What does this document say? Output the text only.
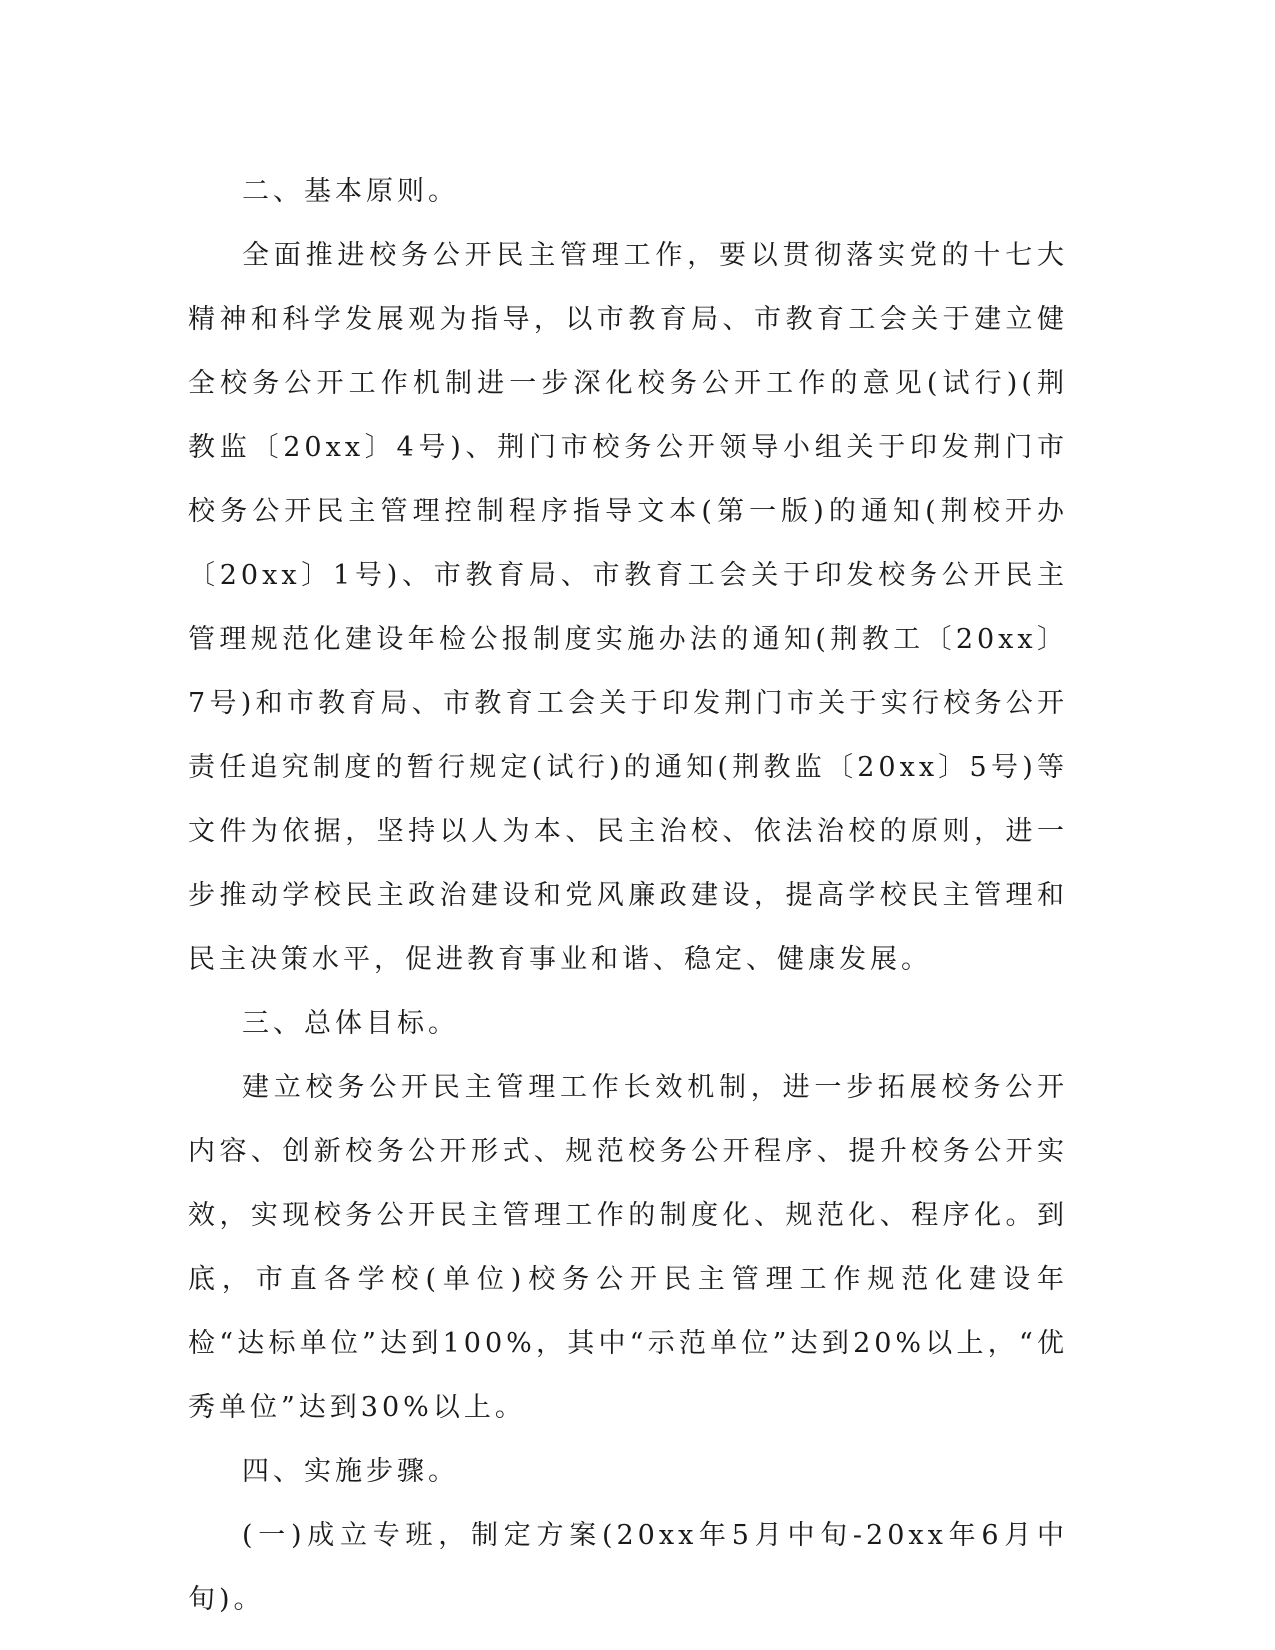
二、基本原则。

全面推进校务公开民主管理工作，要以贯彻落实党的十七大精神和科学发展观为指导，以市教育局、市教育工会关于建立健全校务公开工作机制进一步深化校务公开工作的意见(试行)(荆教监〔20xx〕4号)、荆门市校务公开领导小组关于印发荆门市校务公开民主管理控制程序指导文本(第一版)的通知(荆校开办〔20xx〕1号)、市教育局、市教育工会关于印发校务公开民主管理规范化建设年检公报制度实施办法的通知(荆教工〔20xx〕7号)和市教育局、市教育工会关于印发荆门市关于实行校务公开责任追究制度的暂行规定(试行)的通知(荆教监〔20xx〕5号)等文件为依据，坚持以人为本、民主治校、依法治校的原则，进一步推动学校民主政治建设和党风廉政建设，提高学校民主管理和民主决策水平，促进教育事业和谐、稳定、健康发展。

三、总体目标。

建立校务公开民主管理工作长效机制，进一步拓展校务公开内容、创新校务公开形式、规范校务公开程序、提升校务公开实效，实现校务公开民主管理工作的制度化、规范化、程序化。到底，市直各学校(单位)校务公开民主管理工作规范化建设年检“达标单位”达到100%，其中“示范单位”达到20%以上，“优秀单位”达到30%以上。

四、实施步骤。

(一)成立专班，制定方案(20xx年5月中旬-20xx年6月中旬)。
